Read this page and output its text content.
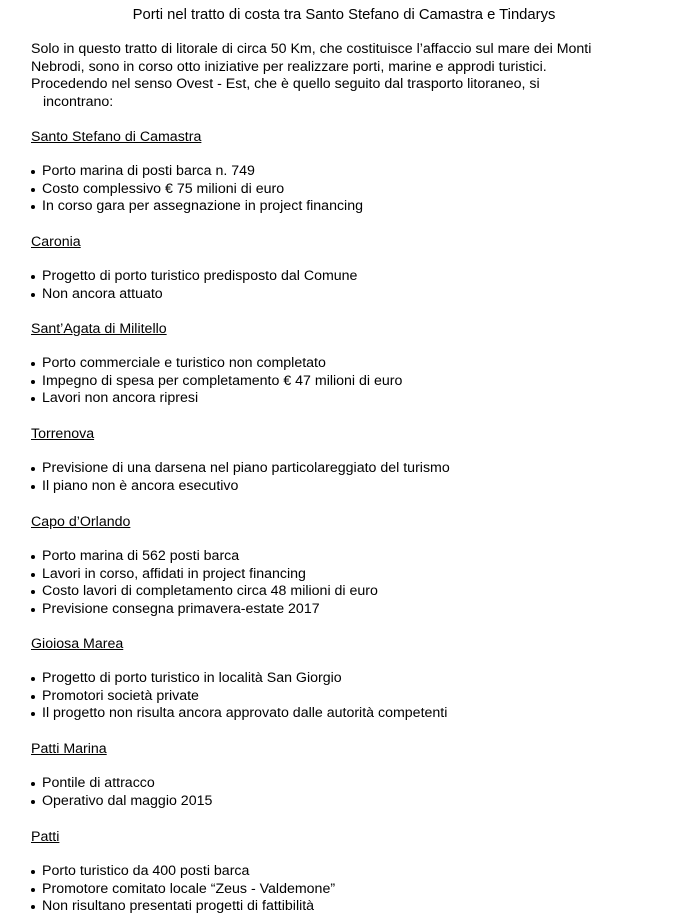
Porti nel tratto di costa tra Santo Stefano di Camastra e Tindarys

Solo in questo tratto di litorale di circa 50 Km, che costituisce l’affaccio sul mare dei Monti

Nebrodi, sono in corso otto iniziative per realizzare porti, marine e approdi turistici.

Procedendo nel senso Ovest - Est, che è quello seguito dal trasporto litoraneo, si

incontrano:

Santo Stefano di Camastra
Porto marina di posti barca n. 749
Costo complessivo € 75 milioni di euro
In corso gara per assegnazione in project financing
Caronia
Progetto di porto turistico predisposto dal Comune
Non ancora attuato
Sant’Agata di Militello
Porto commerciale e turistico non completato
Impegno di spesa per completamento € 47 milioni di euro
Lavori non ancora ripresi
Torrenova
Previsione di una darsena nel piano particolareggiato del turismo
Il piano non è ancora esecutivo
Capo d’Orlando
Porto marina di 562 posti barca
Lavori in corso, affidati in project financing
Costo lavori di completamento circa 48 milioni di euro
Previsione consegna primavera-estate 2017
Gioiosa Marea
Progetto di porto turistico in località San Giorgio
Promotori società private
Il progetto non risulta ancora approvato dalle autorità competenti
Patti Marina
Pontile di attracco
Operativo dal maggio 2015
Patti
Porto turistico da 400 posti barca
Promotore comitato locale “Zeus - Valdemone”
Non risultano presentati progetti di fattibilità
